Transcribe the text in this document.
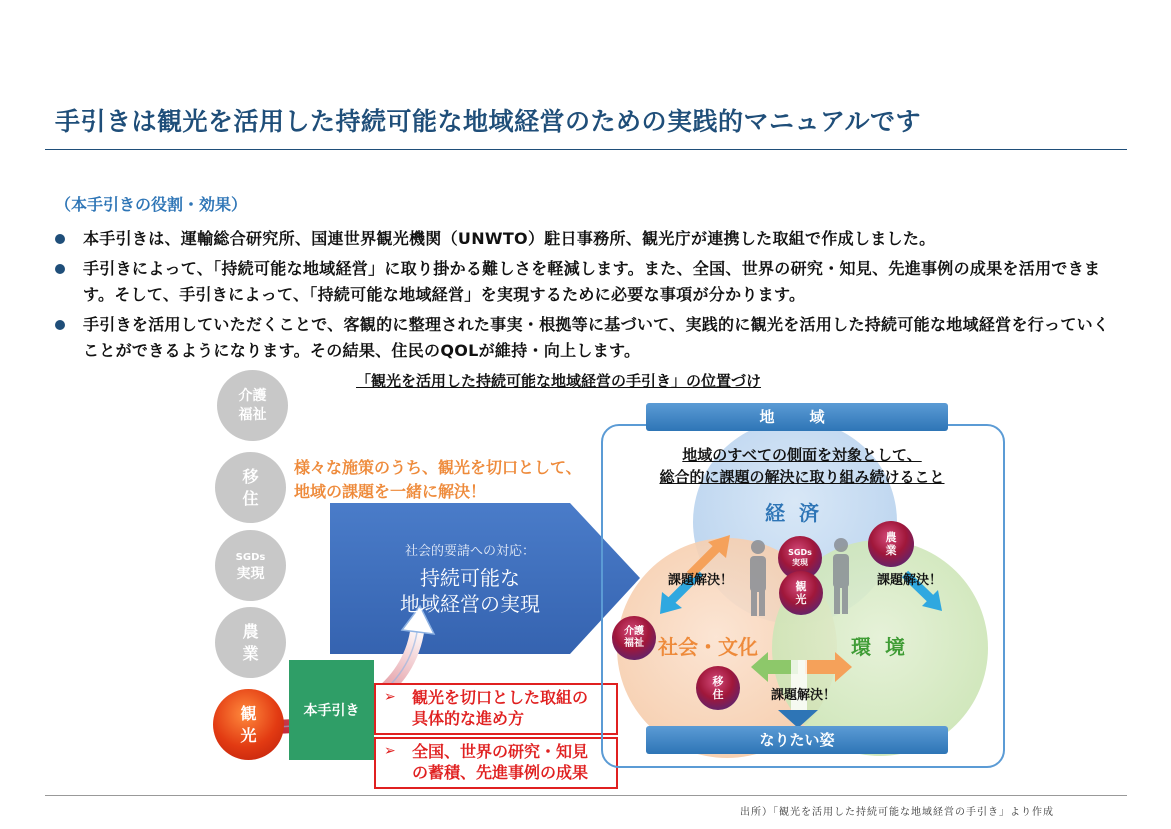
手引きは観光を活用した持続可能な地域経営のための実践的マニュアルです
（本手引きの役割・効果）
本手引きは、運輸総合研究所、国連世界観光機関（UNWTO）駐日事務所、観光庁が連携した取組で作成しました。
手引きによって、「持続可能な地域経営」に取り掛かる難しさを軽減します。また、全国、世界の研究・知見、先進事例の成果を活用できます。そして、手引きによって、「持続可能な地域経営」を実現するために必要な事項が分かります。
手引きを活用していただくことで、客観的に整理された事実・根拠等に基づいて、実践的に観光を活用した持続可能な地域経営を行っていくことができるようになります。その結果、住民のQOLが維持・向上します。
「観光を活用した持続可能な地域経営の手引き」の位置づけ
介護
福祉
移
住
SGDs
実現
農
業
観
光
様々な施策のうち、観光を切口として、
地域の課題を一緒に解決！
社会的要請への対応：
持続可能な
地域経営の実現
本手引き
➢ 観光を切口とした取組の
具体的な進め方
➢ 全国、世界の研究・知見
の蓄積、先進事例の成果
地　域
地域のすべての側面を対象として、
総合的に課題の解決に取り組み続けること
経済
社会・文化	環境
課題解決！	課題解決！
課題解決！
SGDs
実現
観
光
農
業
介護
福祉
移
住
なりたい姿
出所）「観光を活用した持続可能な地域経営の手引き」より作成
